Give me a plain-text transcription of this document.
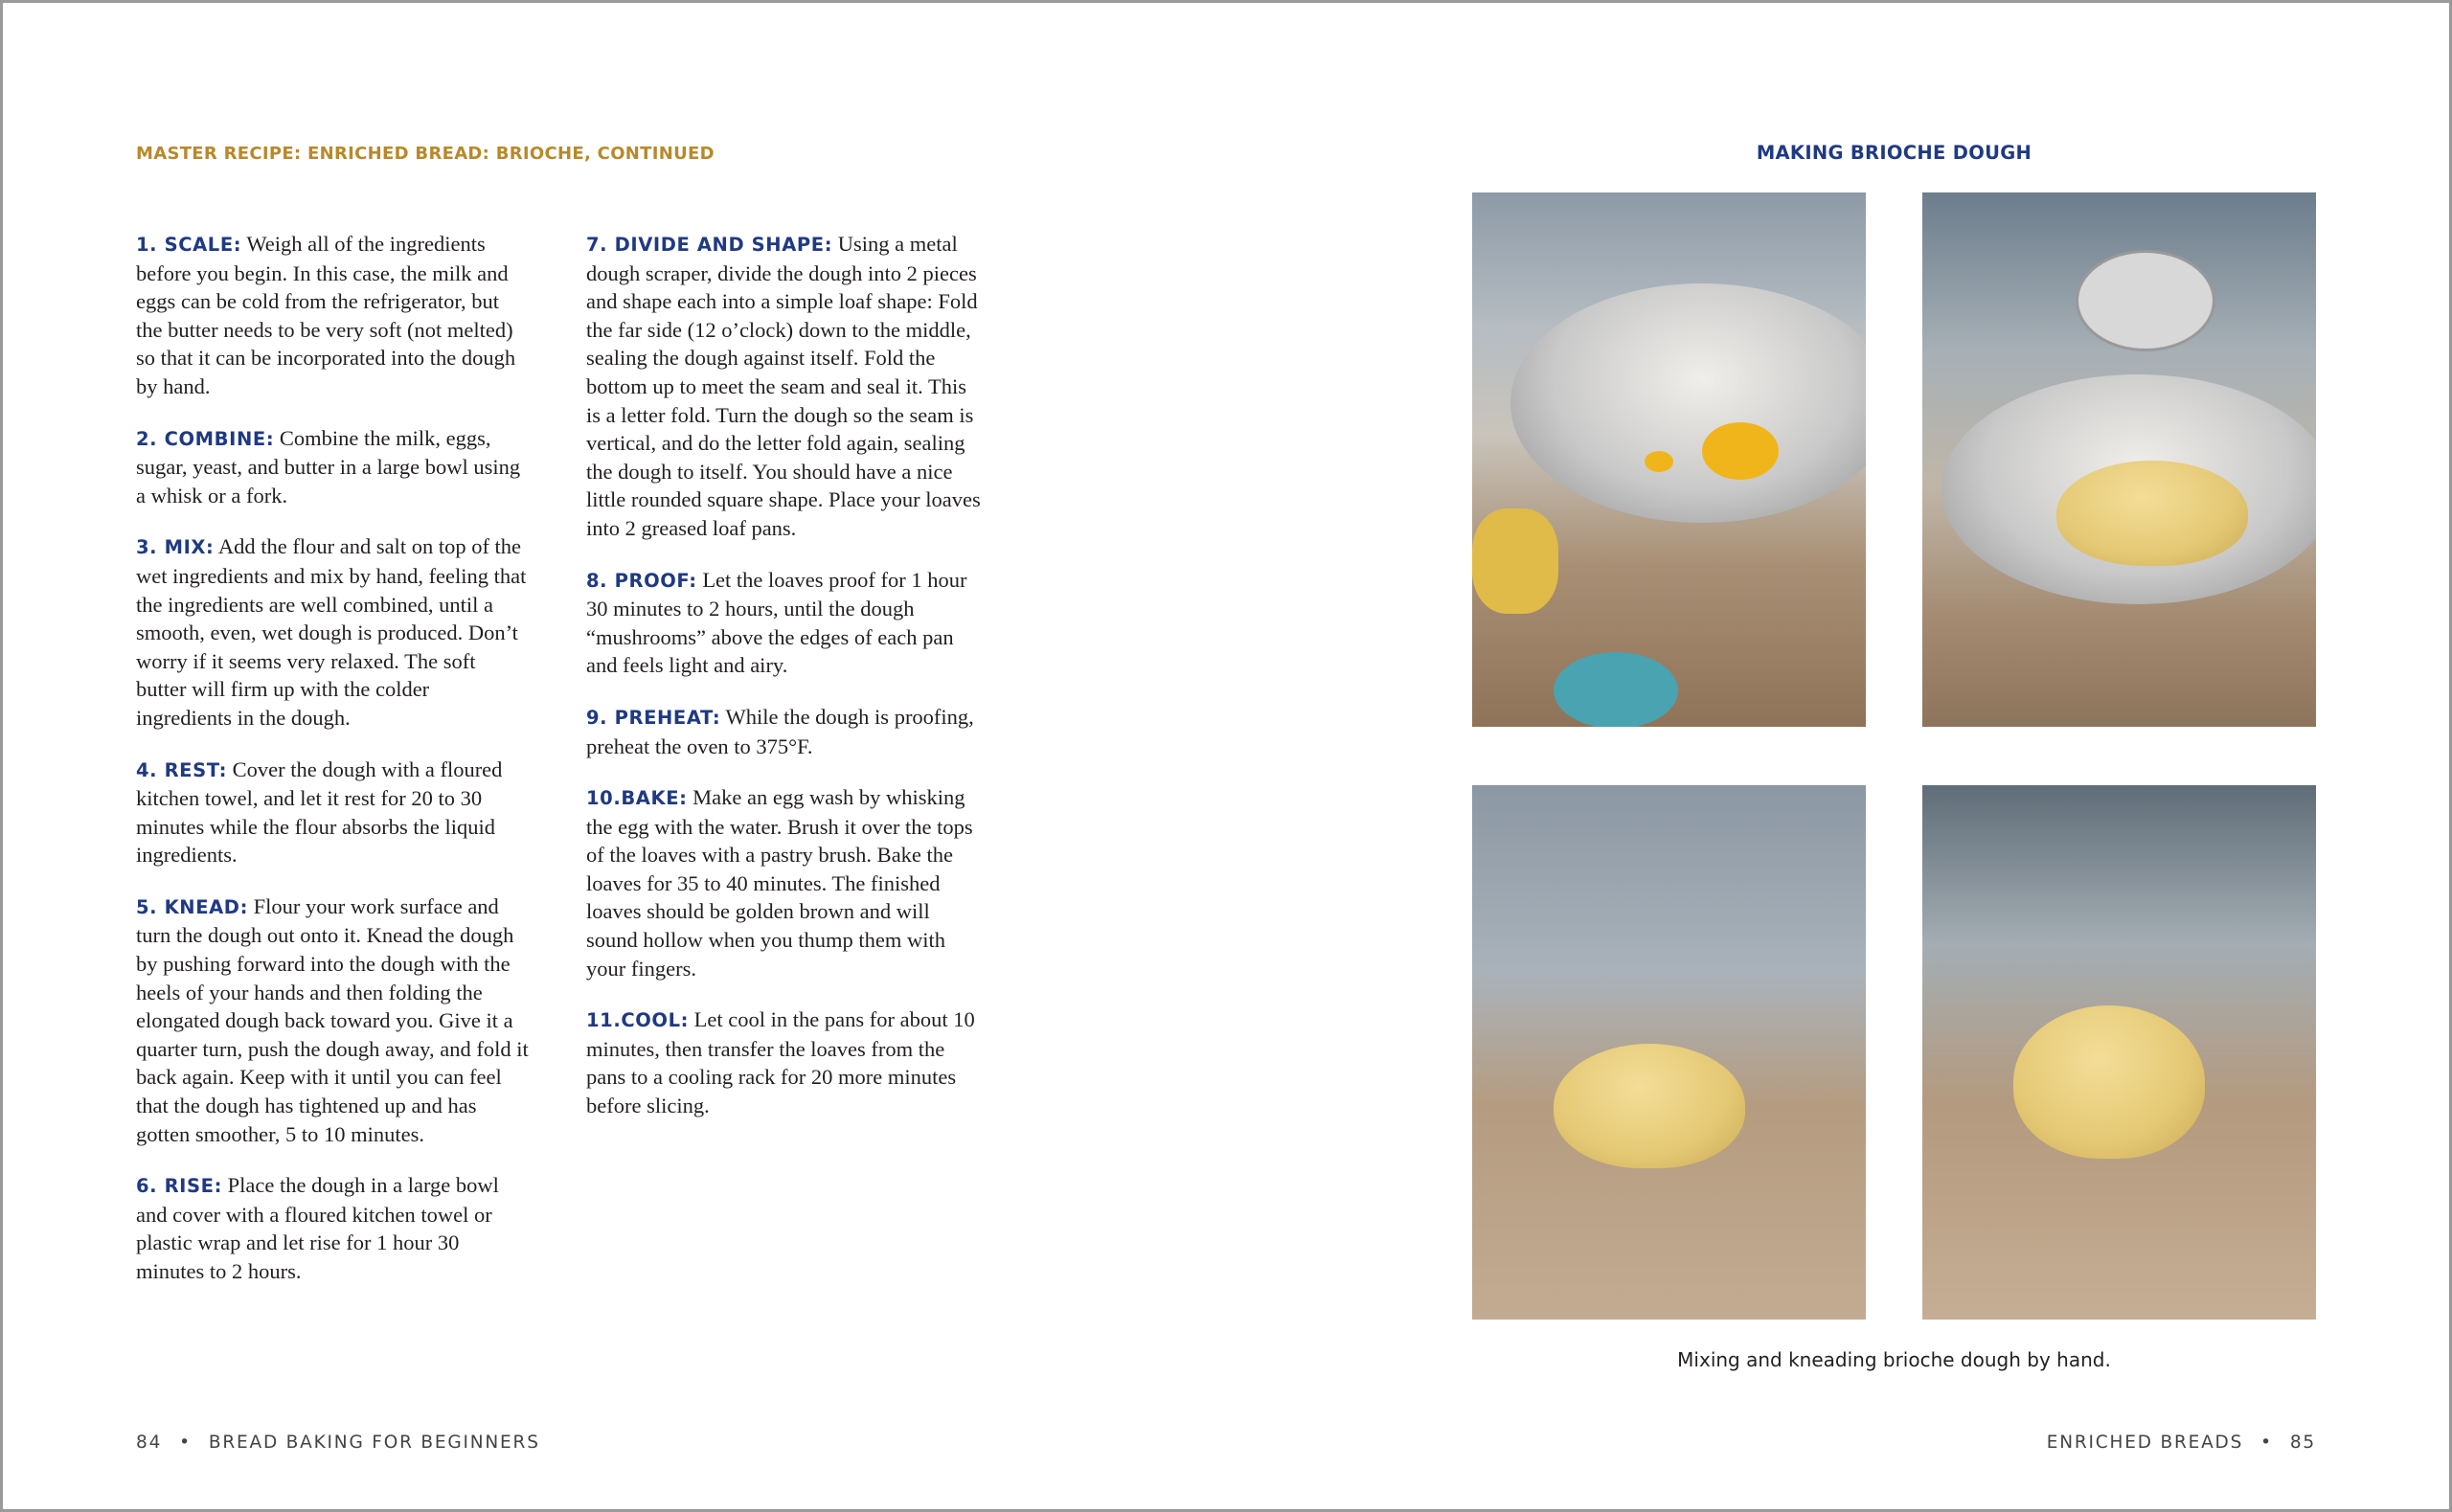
MASTER RECIPE: ENRICHED BREAD: BRIOCHE, CONTINUED

1. SCALE: Weigh all of the ingredients before you begin. In this case, the milk and eggs can be cold from the refrigerator, but the butter needs to be very soft (not melted) so that it can be incorporated into the dough by hand.

2. COMBINE: Combine the milk, eggs, sugar, yeast, and butter in a large bowl using a whisk or a fork.

3. MIX: Add the flour and salt on top of the wet ingredients and mix by hand, feeling that the ingredients are well combined, until a smooth, even, wet dough is produced. Don’t worry if it seems very relaxed. The soft butter will firm up with the colder ingredients in the dough.

4. REST: Cover the dough with a floured kitchen towel, and let it rest for 20 to 30 minutes while the flour absorbs the liquid ingredients.

5. KNEAD: Flour your work surface and turn the dough out onto it. Knead the dough by pushing forward into the dough with the heels of your hands and then folding the elongated dough back toward you. Give it a quarter turn, push the dough away, and fold it back again. Keep with it until you can feel that the dough has tightened up and has gotten smoother, 5 to 10 minutes.

6. RISE: Place the dough in a large bowl and cover with a floured kitchen towel or plastic wrap and let rise for 1 hour 30 minutes to 2 hours.

7. DIVIDE AND SHAPE: Using a metal dough scraper, divide the dough into 2 pieces and shape each into a simple loaf shape: Fold the far side (12 o’clock) down to the middle, sealing the dough against itself. Fold the bottom up to meet the seam and seal it. This is a letter fold. Turn the dough so the seam is vertical, and do the letter fold again, sealing the dough to itself. You should have a nice little rounded square shape. Place your loaves into 2 greased loaf pans.

8. PROOF: Let the loaves proof for 1 hour 30 minutes to 2 hours, until the dough “mushrooms” above the edges of each pan and feels light and airy.

9. PREHEAT: While the dough is proofing, preheat the oven to 375°F.

10.BAKE: Make an egg wash by whisking the egg with the water. Brush it over the tops of the loaves with a pastry brush. Bake the loaves for 35 to 40 minutes. The finished loaves should be golden brown and will sound hollow when you thump them with your fingers.

11.COOL: Let cool in the pans for about 10 minutes, then transfer the loaves from the pans to a cooling rack for 20 more minutes before slicing.

MAKING BRIOCHE DOUGH
Mixing and kneading brioche dough by hand.
84 • BREAD BAKING FOR BEGINNERS	ENRICHED BREADS • 85
